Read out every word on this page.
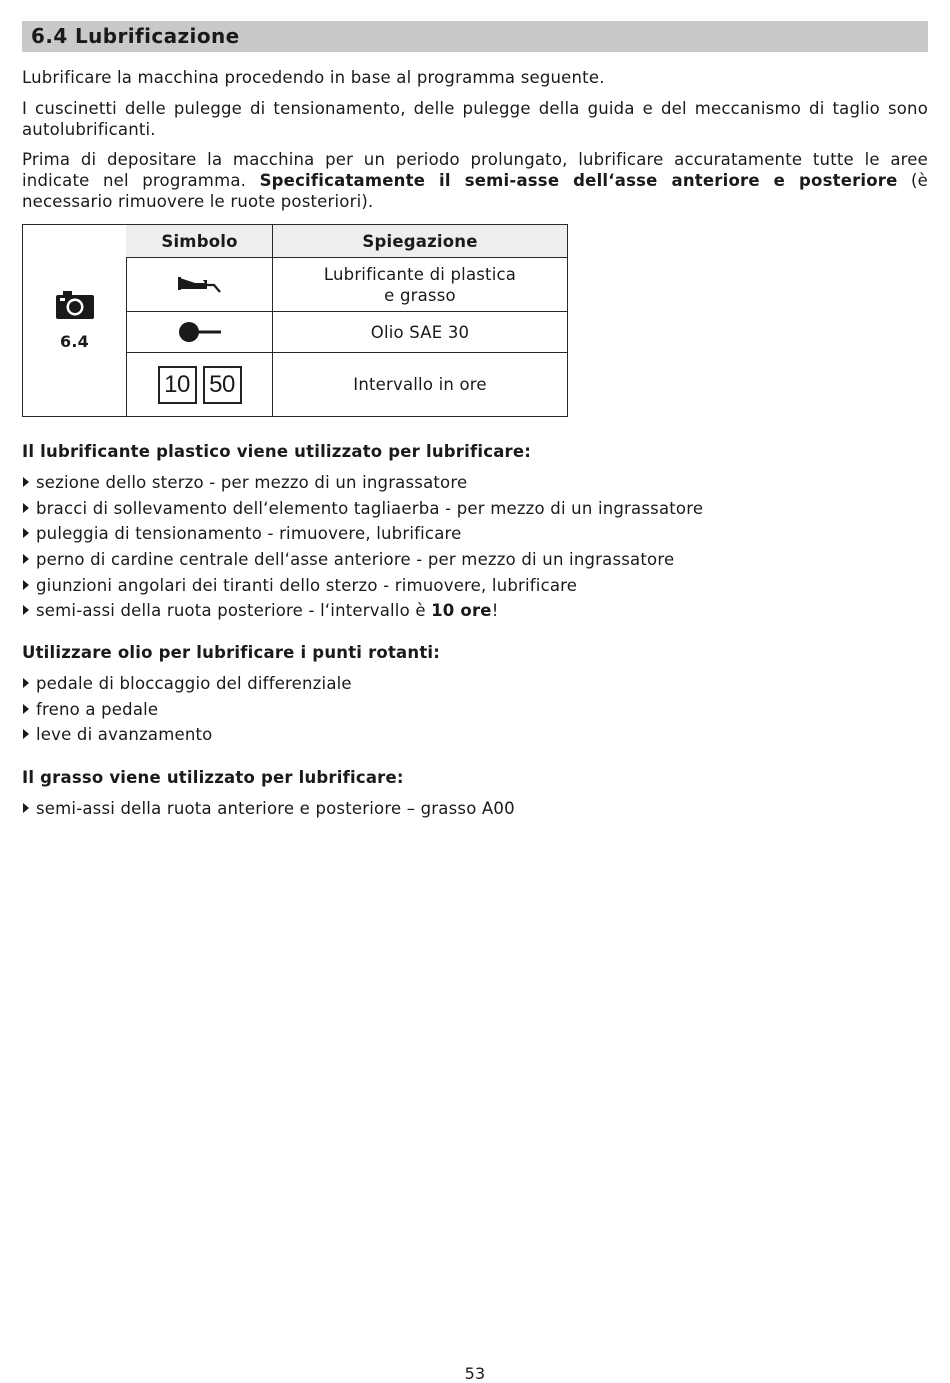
6.4 Lubrificazione

Lubrificare la macchina procedendo in base al programma seguente.

I cuscinetti delle pulegge di tensionamento, delle pulegge della guida e del meccanismo di taglio sono autolubrificanti.

Prima di depositare la macchina per un periodo prolungato, lubrificare accuratamente tutte le aree indicate nel programma. Specificatamente il semi-asse dell‘asse anteriore e posteriore (è necessario rimuovere le ruote posteriori).

6.4
Simbolo	Spiegazione
Lubrificante di plastica
e grasso
Olio SAE 30
10 50	Intervallo in ore
Il lubrificante plastico viene utilizzato per lubrificare:
sezione dello sterzo - per mezzo di un ingrassatore
bracci di sollevamento dell‘elemento tagliaerba - per mezzo di un ingrassatore
puleggia di tensionamento - rimuovere, lubrificare
perno di cardine centrale dell‘asse anteriore - per mezzo di un ingrassatore
giunzioni angolari dei tiranti dello sterzo - rimuovere, lubrificare
semi-assi della ruota posteriore - l‘intervallo è 10 ore!
Utilizzare olio per lubrificare i punti rotanti:
pedale di bloccaggio del differenziale
freno a pedale
leve di avanzamento
Il grasso viene utilizzato per lubrificare:
semi-assi della ruota anteriore e posteriore – grasso A00
53
